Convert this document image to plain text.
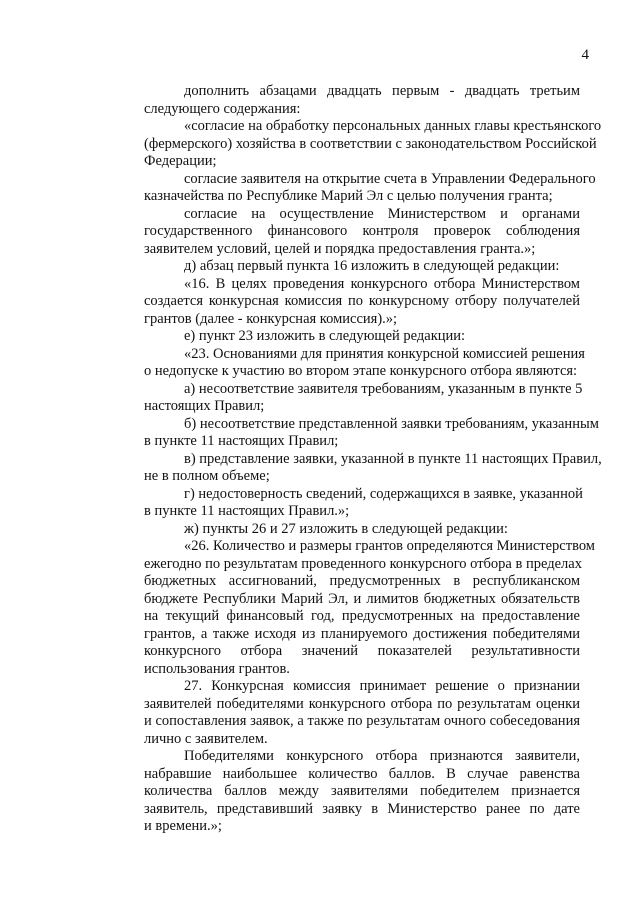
4
дополнить абзацами двадцать первым - двадцать третьим
следующего содержания:
«согласие на обработку персональных данных главы крестьянского
(фермерского) хозяйства в соответствии с законодательством Российской
Федерации;
согласие заявителя на открытие счета в Управлении Федерального
казначейства по Республике Марий Эл с целью получения гранта;
согласие на осуществление Министерством и органами
государственного финансового контроля проверок соблюдения
заявителем условий, целей и порядка предоставления гранта.»;
д) абзац первый пункта 16 изложить в следующей редакции:
«16. В целях проведения конкурсного отбора Министерством
создается конкурсная комиссия по конкурсному отбору получателей
грантов (далее - конкурсная комиссия).»;
е) пункт 23 изложить в следующей редакции:
«23. Основаниями для принятия конкурсной комиссией решения
о недопуске к участию во втором этапе конкурсного отбора являются:
а) несоответствие заявителя требованиям, указанным в пункте 5
настоящих Правил;
б) несоответствие представленной заявки требованиям, указанным
в пункте 11 настоящих Правил;
в) представление заявки, указанной в пункте 11 настоящих Правил,
не в полном объеме;
г) недостоверность сведений, содержащихся в заявке, указанной
в пункте 11 настоящих Правил.»;
ж) пункты 26 и 27 изложить в следующей редакции:
«26. Количество и размеры грантов определяются Министерством
ежегодно по результатам проведенного конкурсного отбора в пределах
бюджетных ассигнований, предусмотренных в республиканском
бюджете Республики Марий Эл, и лимитов бюджетных обязательств
на текущий финансовый год, предусмотренных на предоставление
грантов, а также исходя из планируемого достижения победителями
конкурсного отбора значений показателей результативности
использования грантов.
27. Конкурсная комиссия принимает решение о признании
заявителей победителями конкурсного отбора по результатам оценки
и сопоставления заявок, а также по результатам очного собеседования
лично с заявителем.
Победителями конкурсного отбора признаются заявители,
набравшие наибольшее количество баллов. В случае равенства
количества баллов между заявителями победителем признается
заявитель, представивший заявку в Министерство ранее по дате
и времени.»;
